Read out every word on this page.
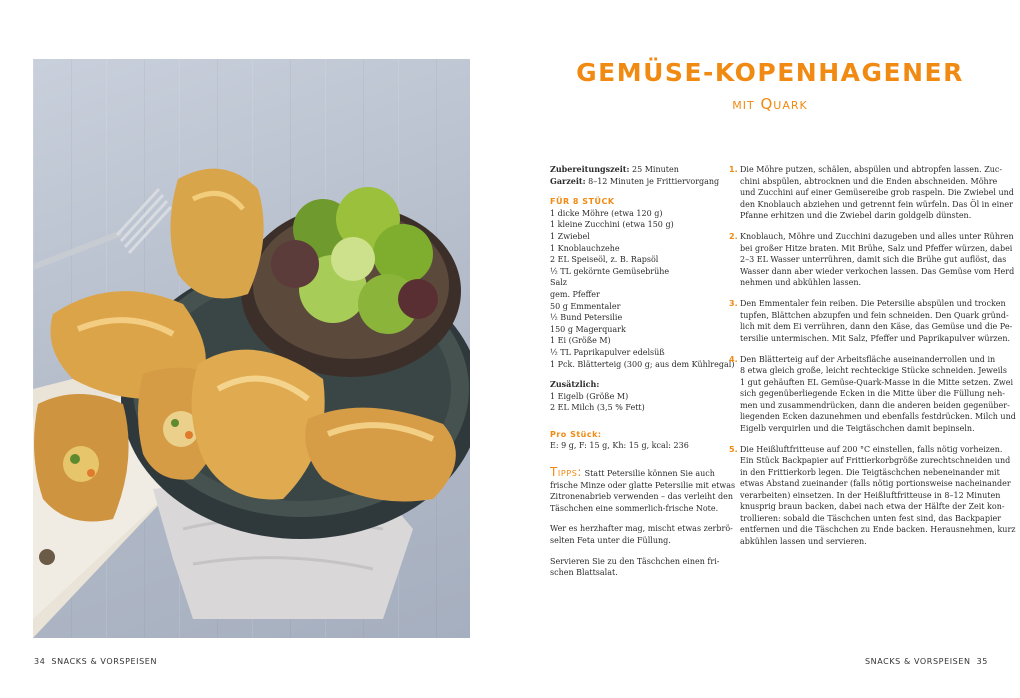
GEMÜSE-KOPENHAGENER
mit Quark
Zubereitungszeit: 25 Minuten
Garzeit: 8–12 Minuten je Frittiervorgang
FÜR 8 STÜCK
1 dicke Möhre (etwa 120 g)
1 kleine Zucchini (etwa 150 g)
1 Zwiebel
1 Knoblauchzehe
2 EL Speiseöl, z. B. Rapsöl
½ TL gekörnte Gemüsebrühe
Salz
gem. Pfeffer
50 g Emmentaler
½ Bund Petersilie
150 g Magerquark
1 Ei (Größe M)
½ TL Paprikapulver edelsüß
1 Pck. Blätterteig (300 g; aus dem Kühlregal)
Zusätzlich:
1 Eigelb (Größe M)
2 EL Milch (3,5 % Fett)
Pro Stück:
E: 9 g, F: 15 g, Kh: 15 g, kcal: 236
Tipps: Statt Petersilie können Sie auch
frische Minze oder glatte Petersilie mit etwas
Zitronenabrieb verwenden – das verleiht den
Täschchen eine sommerlich-frische Note.
Wer es herzhafter mag, mischt etwas zerbrö-
selten Feta unter die Füllung.
Servieren Sie zu den Täschchen einen fri-
schen Blattsalat.
1. Die Möhre putzen, schälen, abspülen und abtropfen lassen. Zuc-
chini abspülen, abtrocknen und die Enden abschneiden. Möhre
und Zucchini auf einer Gemüsereibe grob raspeln. Die Zwiebel und
den Knoblauch abziehen und getrennt fein würfeln. Das Öl in einer
Pfanne erhitzen und die Zwiebel darin goldgelb dünsten.
2. Knoblauch, Möhre und Zucchini dazugeben und alles unter Rühren
bei großer Hitze braten. Mit Brühe, Salz und Pfeffer würzen, dabei
2–3 EL Wasser unterrühren, damit sich die Brühe gut auflöst, das
Wasser dann aber wieder verkochen lassen. Das Gemüse vom Herd
nehmen und abkühlen lassen.
3. Den Emmentaler fein reiben. Die Petersilie abspülen und trocken
tupfen, Blättchen abzupfen und fein schneiden. Den Quark gründ-
lich mit dem Ei verrühren, dann den Käse, das Gemüse und die Pe-
tersilie untermischen. Mit Salz, Pfeffer und Paprikapulver würzen.
4. Den Blätterteig auf der Arbeitsfläche auseinanderrollen und in
8 etwa gleich große, leicht rechteckige Stücke schneiden. Jeweils
1 gut gehäuften EL Gemüse-Quark-Masse in die Mitte setzen. Zwei
sich gegenüberliegende Ecken in die Mitte über die Füllung neh-
men und zusammendrücken, dann die anderen beiden gegenüber-
liegenden Ecken dazunehmen und ebenfalls festdrücken. Milch und
Eigelb verquirlen und die Teigtäschchen damit bepinseln.
5. Die Heißluftfritteuse auf 200 °C einstellen, falls nötig vorheizen.
Ein Stück Backpapier auf Frittierkorbgröße zurechtschneiden und
in den Frittierkorb legen. Die Teigtäschchen nebeneinander mit
etwas Abstand zueinander (falls nötig portionsweise nacheinander
verarbeiten) einsetzen. In der Heißluftfritteuse in 8–12 Minuten
knusprig braun backen, dabei nach etwa der Hälfte der Zeit kon-
trollieren: sobald die Täschchen unten fest sind, das Backpapier
entfernen und die Täschchen zu Ende backen. Herausnehmen, kurz
abkühlen lassen und servieren.
34 SNACKS & VORSPEISEN	SNACKS & VORSPEISEN 35
